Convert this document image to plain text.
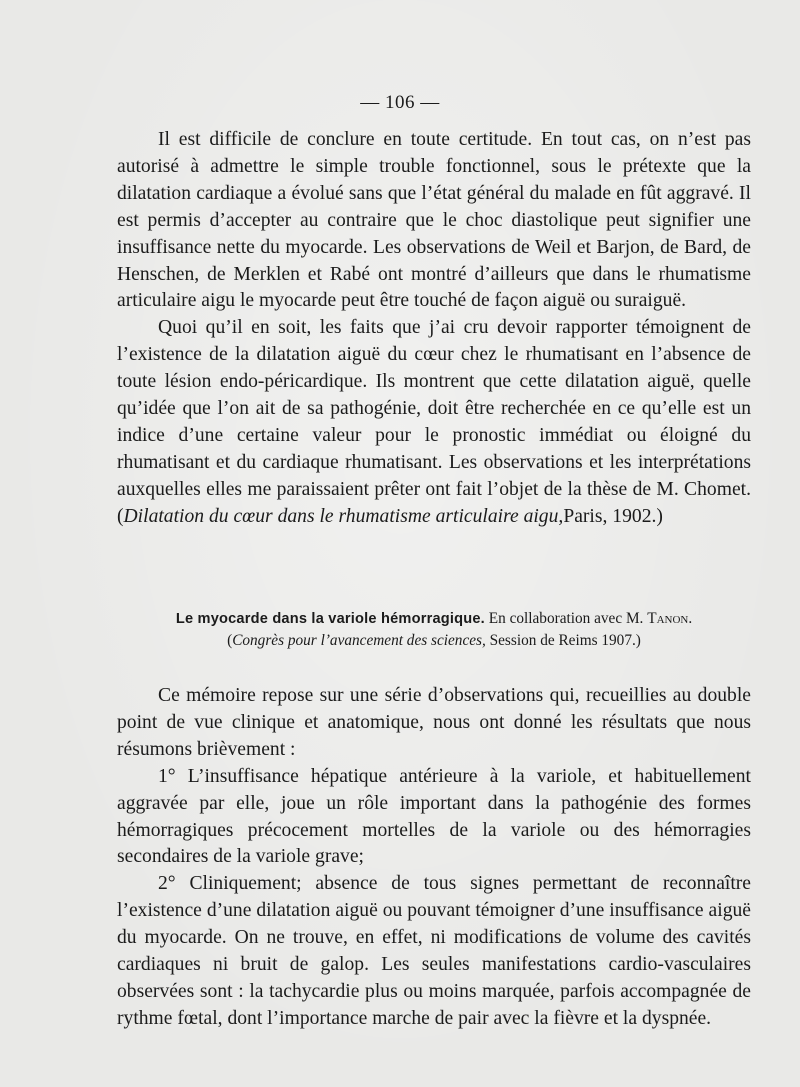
— 106 —

Il est difficile de conclure en toute certitude. En tout cas, on n’est pas autorisé à admettre le simple trouble fonctionnel, sous le prétexte que la dilatation cardiaque a évolué sans que l’état général du malade en fût aggravé. Il est permis d’accepter au contraire que le choc diastolique peut signifier une insuffisance nette du myocarde. Les observations de Weil et Barjon, de Bard, de Henschen, de Merklen et Rabé ont montré d’ailleurs que dans le rhumatisme articulaire aigu le myocarde peut être touché de façon aiguë ou suraiguë.

Quoi qu’il en soit, les faits que j’ai cru devoir rapporter témoignent de l’existence de la dilatation aiguë du cœur chez le rhumatisant en l’absence de toute lésion endo-péricardique. Ils montrent que cette dilatation aiguë, quelle qu’idée que l’on ait de sa pathogénie, doit être recherchée en ce qu’elle est un indice d’une certaine valeur pour le pronostic immédiat ou éloigné du rhumatisant et du cardiaque rhumatisant. Les observations et les interprétations auxquelles elles me paraissaient prêter ont fait l’objet de la thèse de M. Chomet. (Dilatation du cœur dans le rhumatisme articulaire aigu,Paris, 1902.)

Le myocarde dans la variole hémorragique. En collaboration avec M. Tanon.
(Congrès pour l’avancement des sciences, Session de Reims 1907.)

Ce mémoire repose sur une série d’observations qui, recueillies au double point de vue clinique et anatomique, nous ont donné les résultats que nous résumons brièvement :

1° L’insuffisance hépatique antérieure à la variole, et habituellement aggravée par elle, joue un rôle important dans la pathogénie des formes hémorragiques précocement mortelles de la variole ou des hémorragies secondaires de la variole grave;

2° Cliniquement; absence de tous signes permettant de reconnaître l’existence d’une dilatation aiguë ou pouvant témoigner d’une insuffisance aiguë du myocarde. On ne trouve, en effet, ni modifications de volume des cavités cardiaques ni bruit de galop. Les seules manifestations cardio-vasculaires observées sont : la tachycardie plus ou moins marquée, parfois accompagnée de rythme fœtal, dont l’importance marche de pair avec la fièvre et la dyspnée.
